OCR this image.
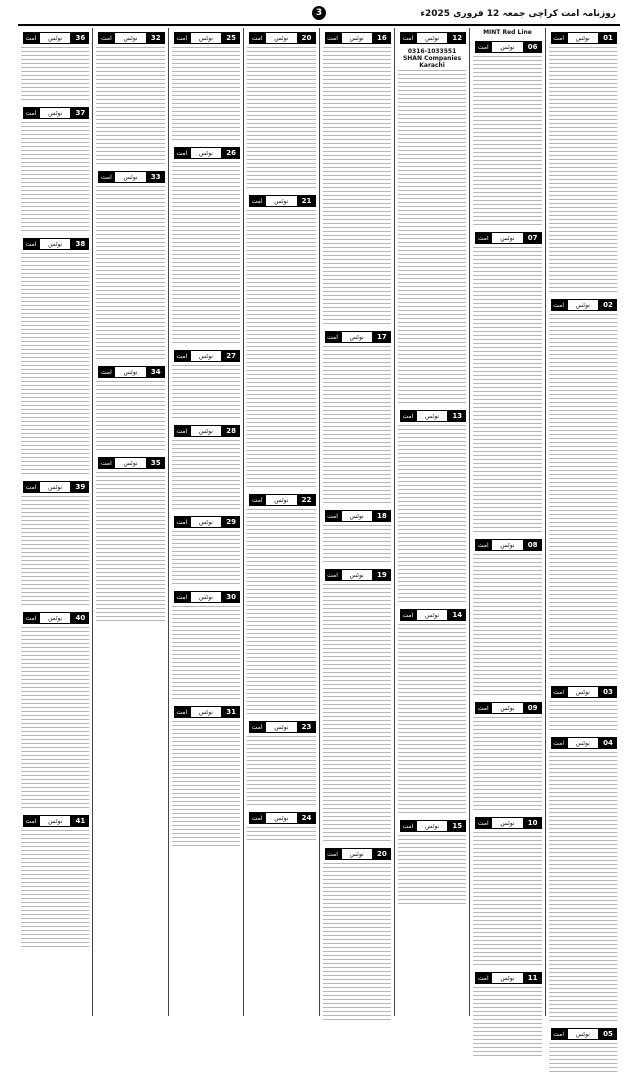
روزنامہ امت کراچی جمعہ 12 فروری 2025ء
3
01
نوٹس
امت
02
نوٹس
امت
03
نوٹس
امت
04
نوٹس
امت
05
نوٹس
امت
MINT Red Line
06
نوٹس
امت
07
نوٹس
امت
08
نوٹس
امت
09
نوٹس
امت
10
نوٹس
امت
11
نوٹس
امت
12
نوٹس
امت
0316-1033551
SHAN Companies Karachi
13
نوٹس
امت
14
نوٹس
امت
15
نوٹس
امت
16
نوٹس
امت
17
نوٹس
امت
18
نوٹس
امت
19
نوٹس
امت
20
نوٹس
امت
20
نوٹس
امت
21
نوٹس
امت
22
نوٹس
امت
23
نوٹس
امت
24
نوٹس
امت
25
نوٹس
امت
26
نوٹس
امت
27
نوٹس
امت
28
نوٹس
امت
29
نوٹس
امت
30
نوٹس
امت
31
نوٹس
امت
32
نوٹس
امت
33
نوٹس
امت
34
نوٹس
امت
35
نوٹس
امت
36
نوٹس
امت
37
نوٹس
امت
38
نوٹس
امت
39
نوٹس
امت
40
نوٹس
امت
41
نوٹس
امت
